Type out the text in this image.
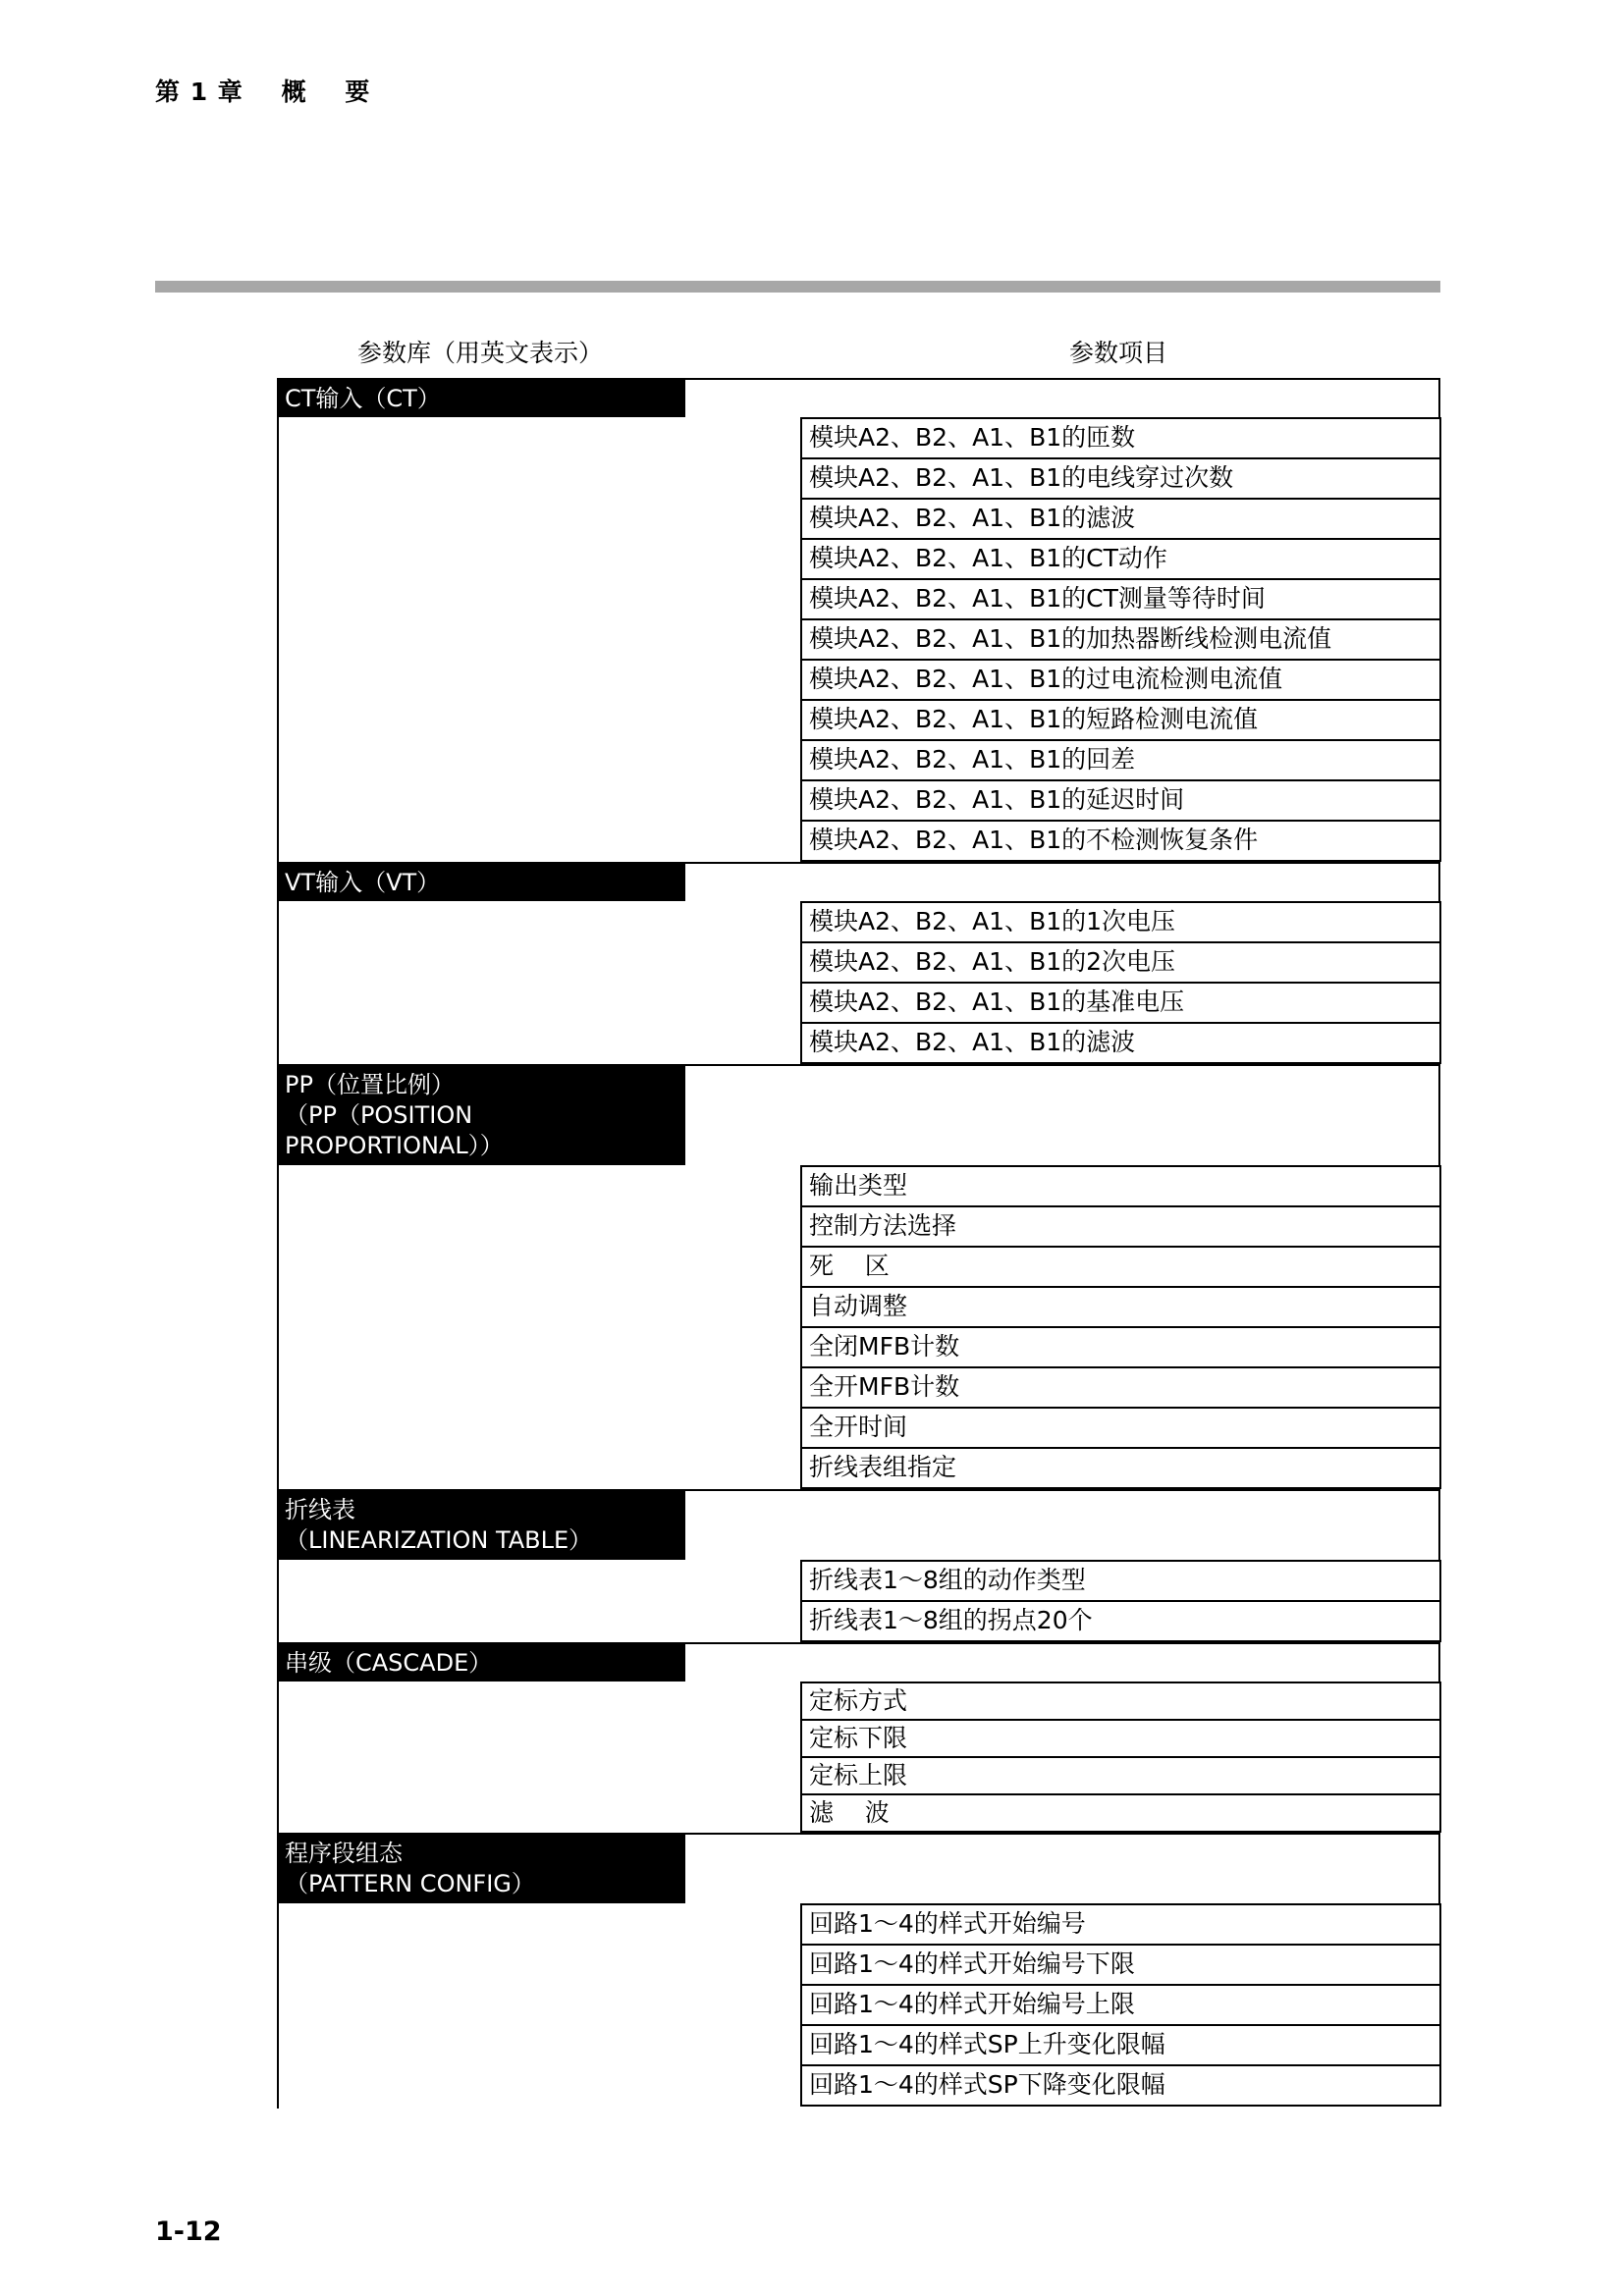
第 1 章    概    要
参数库（用英文表示）	参数项目
CT输入（CT）
模块A2、B2、A1、B1的匝数
模块A2、B2、A1、B1的电线穿过次数
模块A2、B2、A1、B1的滤波
模块A2、B2、A1、B1的CT动作
模块A2、B2、A1、B1的CT测量等待时间
模块A2、B2、A1、B1的加热器断线检测电流值
模块A2、B2、A1、B1的过电流检测电流值
模块A2、B2、A1、B1的短路检测电流值
模块A2、B2、A1、B1的回差
模块A2、B2、A1、B1的延迟时间
模块A2、B2、A1、B1的不检测恢复条件
VT输入（VT）
模块A2、B2、A1、B1的1次电压
模块A2、B2、A1、B1的2次电压
模块A2、B2、A1、B1的基准电压
模块A2、B2、A1、B1的滤波
PP（位置比例）
（PP（POSITION
PROPORTIONAL））
输出类型
控制方法选择
死    区
自动调整
全闭MFB计数
全开MFB计数
全开时间
折线表组指定
折线表
（LINEARIZATION TABLE）
折线表1～8组的动作类型
折线表1～8组的拐点20个
串级（CASCADE）
定标方式
定标下限
定标上限
滤    波
程序段组态
（PATTERN CONFIG）
回路1～4的样式开始编号
回路1～4的样式开始编号下限
回路1～4的样式开始编号上限
回路1～4的样式SP上升变化限幅
回路1～4的样式SP下降变化限幅
1-12
